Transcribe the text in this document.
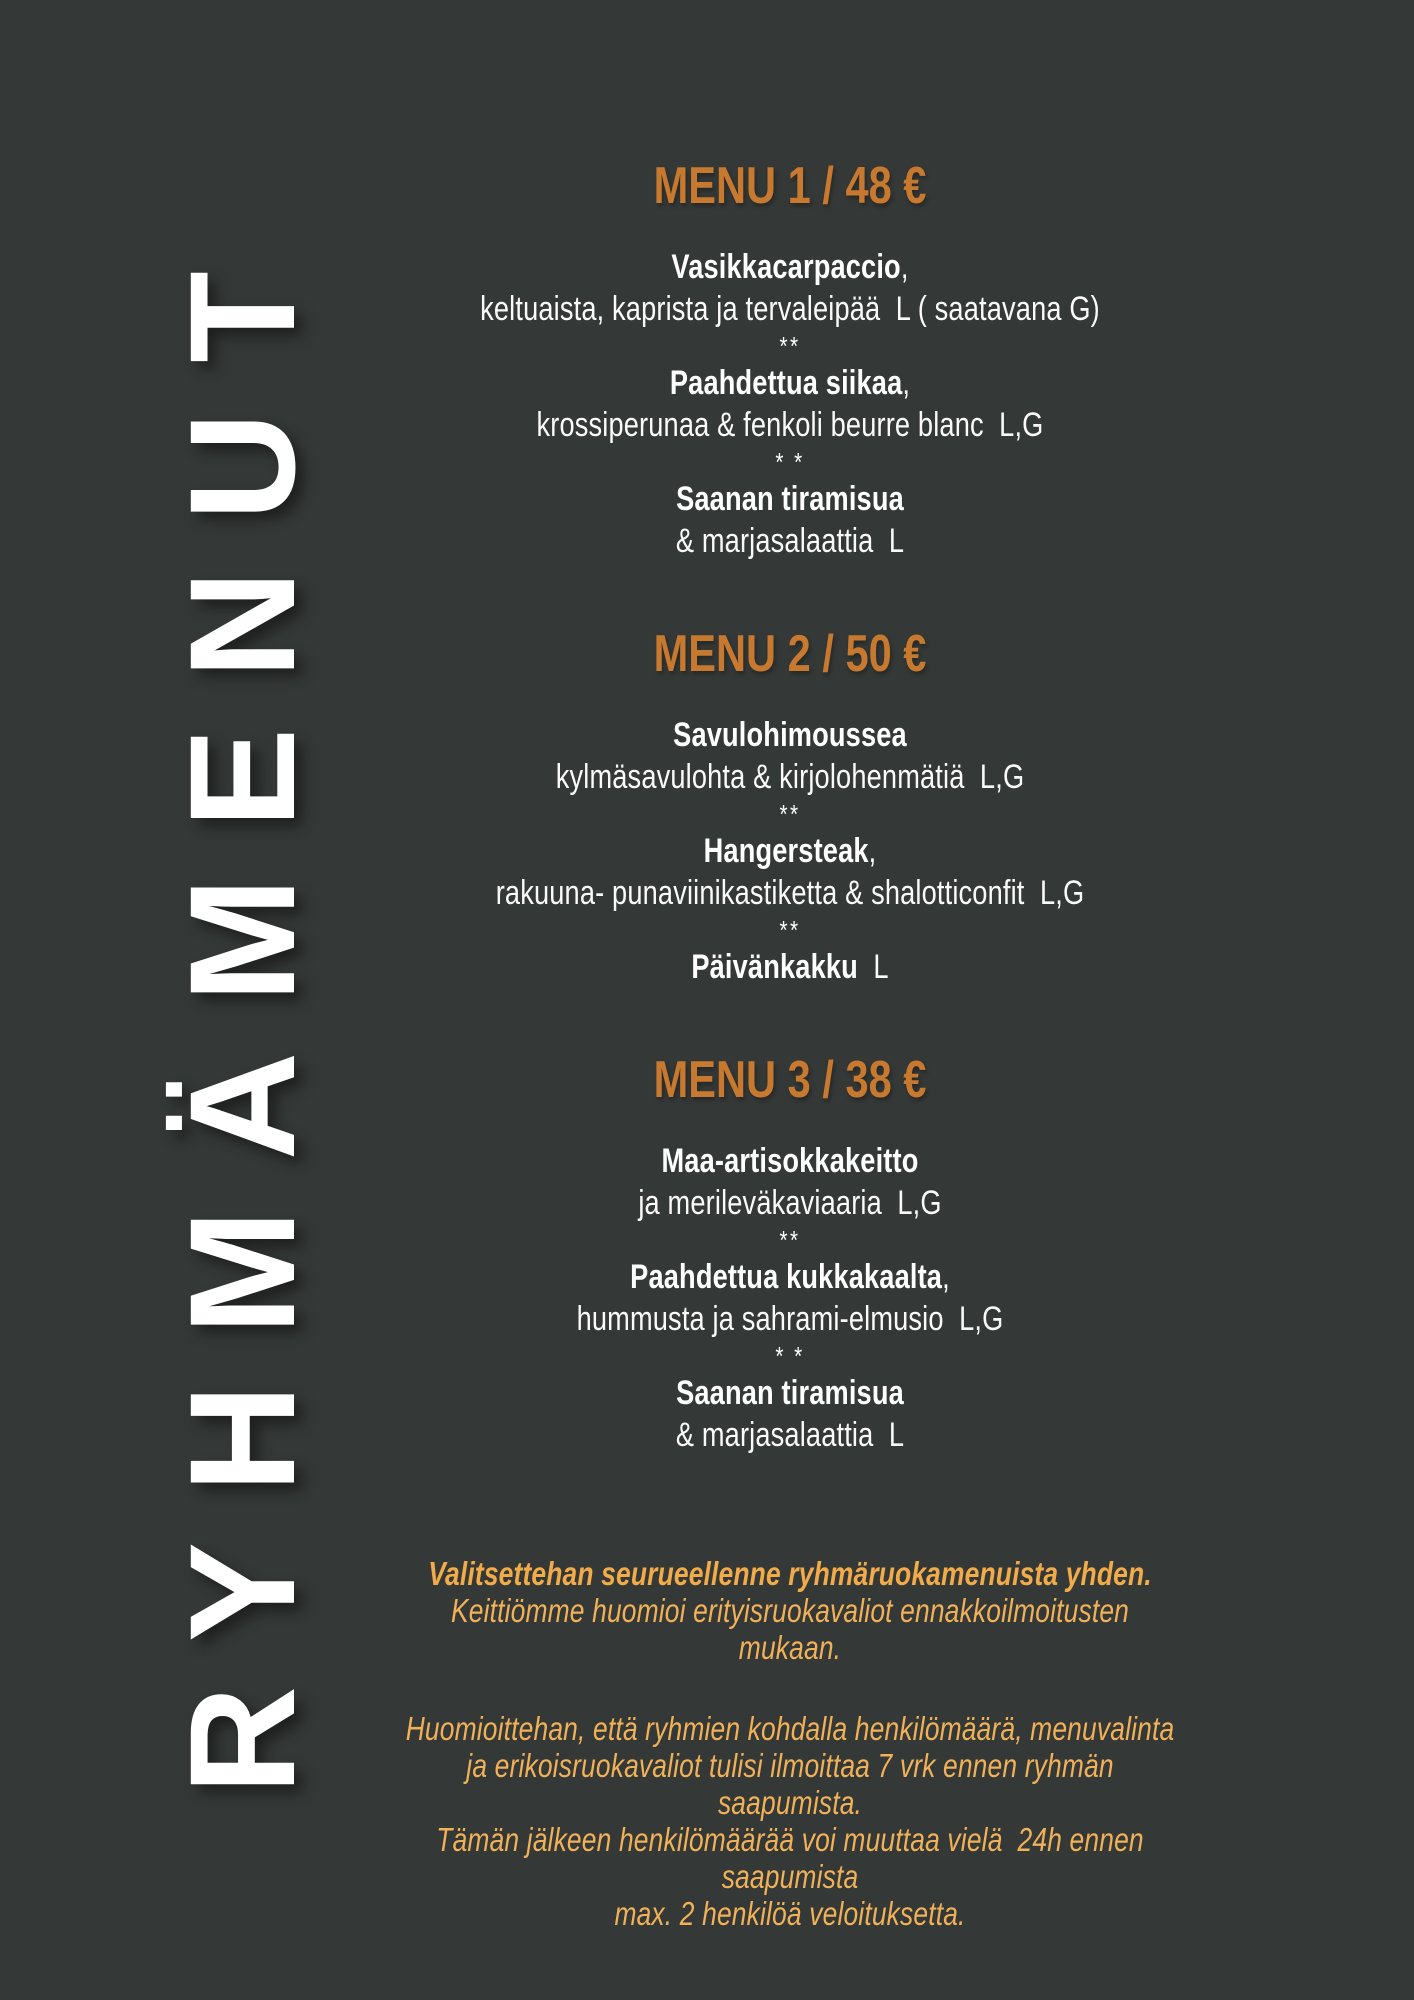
RYHMÄMENUT
MENU 1 / 48 €
Vasikkacarpaccio,
keltuaista, kaprista ja tervaleipää  L ( saatavana G)
**
Paahdettua siikaa,
krossiperunaa & fenkoli beurre blanc  L,G
* *
Saanan tiramisua
& marjasalaattia  L
MENU 2 / 50 €
Savulohimoussea
kylmäsavulohta & kirjolohenmätiä  L,G
**
Hangersteak,
rakuuna- punaviinikastiketta & shalotticonfit  L,G
**
Päivänkakku  L
MENU 3 / 38 €
Maa-artisokkakeitto
ja merileväkaviaaria  L,G
**
Paahdettua kukkakaalta,
hummusta ja sahrami-elmusio  L,G
* *
Saanan tiramisua
& marjasalaattia  L
Valitsettehan seurueellenne ryhmäruokamenuista yhden.
Keittiömme huomioi erityisruokavaliot ennakkoilmoitusten mukaan.
Huomioittehan, että ryhmien kohdalla henkilömäärä, menuvalinta
ja erikoisruokavaliot tulisi ilmoittaa 7 vrk ennen ryhmän saapumista.
Tämän jälkeen henkilömäärää voi muuttaa vielä  24h ennen saapumista
max. 2 henkilöä veloituksetta.
